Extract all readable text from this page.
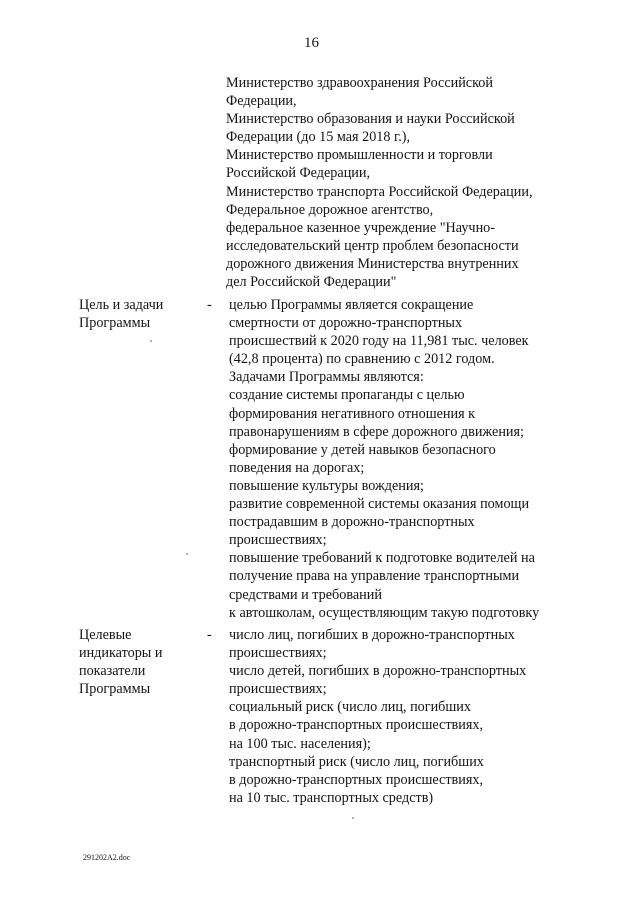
16
Министерство здравоохранения Российской
Федерации,
Министерство образования и науки Российской
Федерации (до 15 мая 2018 г.),
Министерство промышленности и торговли
Российской Федерации,
Министерство транспорта Российской Федерации,
Федеральное дорожное агентство,
федеральное казенное учреждение "Научно-
исследовательский центр проблем безопасности
дорожного движения Министерства внутренних
дел Российской Федерации"
Цель и задачи
Программы
- целью Программы является сокращение
смертности от дорожно-транспортных
происшествий к 2020 году на 11,981 тыс. человек
(42,8 процента) по сравнению с 2012 годом.
Задачами Программы являются:
создание системы пропаганды с целью
формирования негативного отношения к
правонарушениям в сфере дорожного движения;
формирование у детей навыков безопасного
поведения на дорогах;
повышение культуры вождения;
развитие современной системы оказания помощи
пострадавшим в дорожно-транспортных
происшествиях;
повышение требований к подготовке водителей на
получение права на управление транспортными
средствами и требований
к автошколам, осуществляющим такую подготовку
Целевые
индикаторы и
показатели
Программы
- число лиц, погибших в дорожно-транспортных
происшествиях;
число детей, погибших в дорожно-транспортных
происшествиях;
социальный риск (число лиц, погибших
в дорожно-транспортных происшествиях,
на 100 тыс. населения);
транспортный риск (число лиц, погибших
в дорожно-транспортных происшествиях,
на 10 тыс. транспортных средств)
291202A2.doc
